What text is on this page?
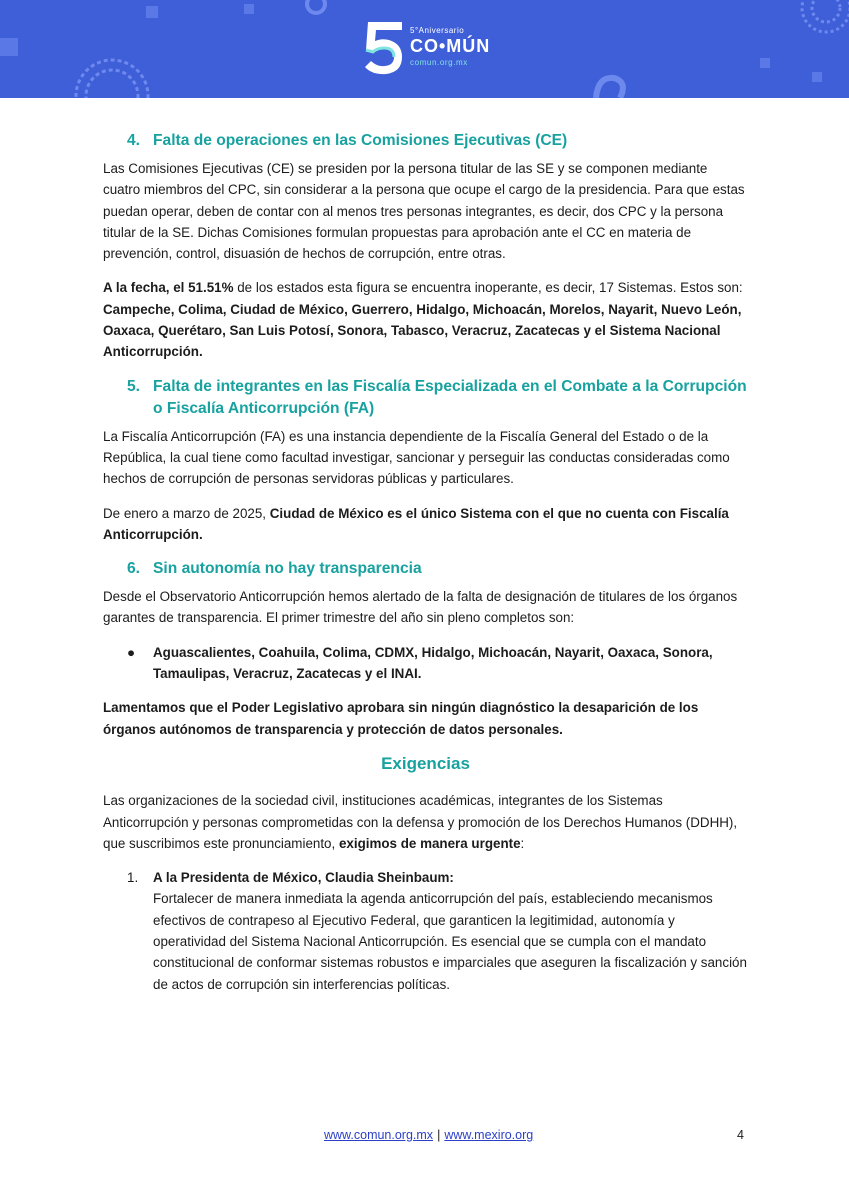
5°Aniversario
CO•MÚN
comun.org.mx
4. Falta de operaciones en las Comisiones Ejecutivas (CE)

Las Comisiones Ejecutivas (CE) se presiden por la persona titular de las SE y se componen mediante cuatro miembros del CPC, sin considerar a la persona que ocupe el cargo de la presidencia. Para que estas puedan operar, deben de contar con al menos tres personas integrantes, es decir, dos CPC y la persona titular de la SE. Dichas Comisiones formulan propuestas para aprobación ante el CC en materia de prevención, control, disuasión de hechos de corrupción, entre otras.

A la fecha, el 51.51% de los estados esta figura se encuentra inoperante, es decir, 17 Sistemas. Estos son: Campeche, Colima, Ciudad de México, Guerrero, Hidalgo, Michoacán, Morelos, Nayarit, Nuevo León, Oaxaca, Querétaro, San Luis Potosí, Sonora, Tabasco, Veracruz, Zacatecas y el Sistema Nacional Anticorrupción.

5. Falta de integrantes en las Fiscalía Especializada en el Combate a la Corrupción o Fiscalía Anticorrupción (FA)

La Fiscalía Anticorrupción (FA) es una instancia dependiente de la Fiscalía General del Estado o de la República, la cual tiene como facultad investigar, sancionar y perseguir las conductas consideradas como hechos de corrupción de personas servidoras públicas y particulares.

De enero a marzo de 2025, Ciudad de México es el único Sistema con el que no cuenta con Fiscalía Anticorrupción.

6. Sin autonomía no hay transparencia

Desde el Observatorio Anticorrupción hemos alertado de la falta de designación de titulares de los órganos garantes de transparencia. El primer trimestre del año sin pleno completos son:

● Aguascalientes, Coahuila, Colima, CDMX, Hidalgo, Michoacán, Nayarit, Oaxaca, Sonora, Tamaulipas, Veracruz, Zacatecas y el INAI.

Lamentamos que el Poder Legislativo aprobara sin ningún diagnóstico la desaparición de los órganos autónomos de transparencia y protección de datos personales.

Exigencias

Las organizaciones de la sociedad civil, instituciones académicas, integrantes de los Sistemas Anticorrupción y personas comprometidas con la defensa y promoción de los Derechos Humanos (DDHH), que suscribimos este pronunciamiento, exigimos de manera urgente:

1. A la Presidenta de México, Claudia Sheinbaum:
Fortalecer de manera inmediata la agenda anticorrupción del país, estableciendo mecanismos efectivos de contrapeso al Ejecutivo Federal, que garanticen la legitimidad, autonomía y operatividad del Sistema Nacional Anticorrupción. Es esencial que se cumpla con el mandato constitucional de conformar sistemas robustos e imparciales que aseguren la fiscalización y sanción de actos de corrupción sin interferencias políticas.
www.comun.org.mx | www.mexiro.org	4
